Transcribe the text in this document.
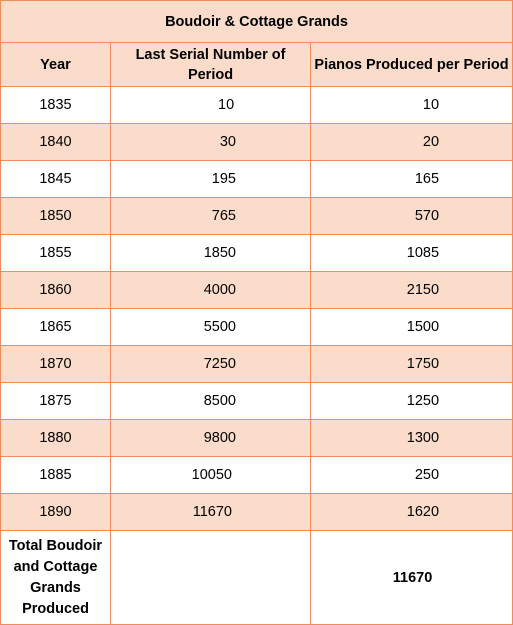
Boudoir & Cottage Grands		
Year	Last Serial Number of Period	Pianos Produced per Period
1835	10	10
1840	30	20
1845	195	165
1850	765	570
1855	1850	1085
1860	4000	2150
1865	5500	1500
1870	7250	1750
1875	8500	1250
1880	9800	1300
1885	10050	250
1890	11670	1620
Total Boudoir and Cottage Grands Produced		11670
